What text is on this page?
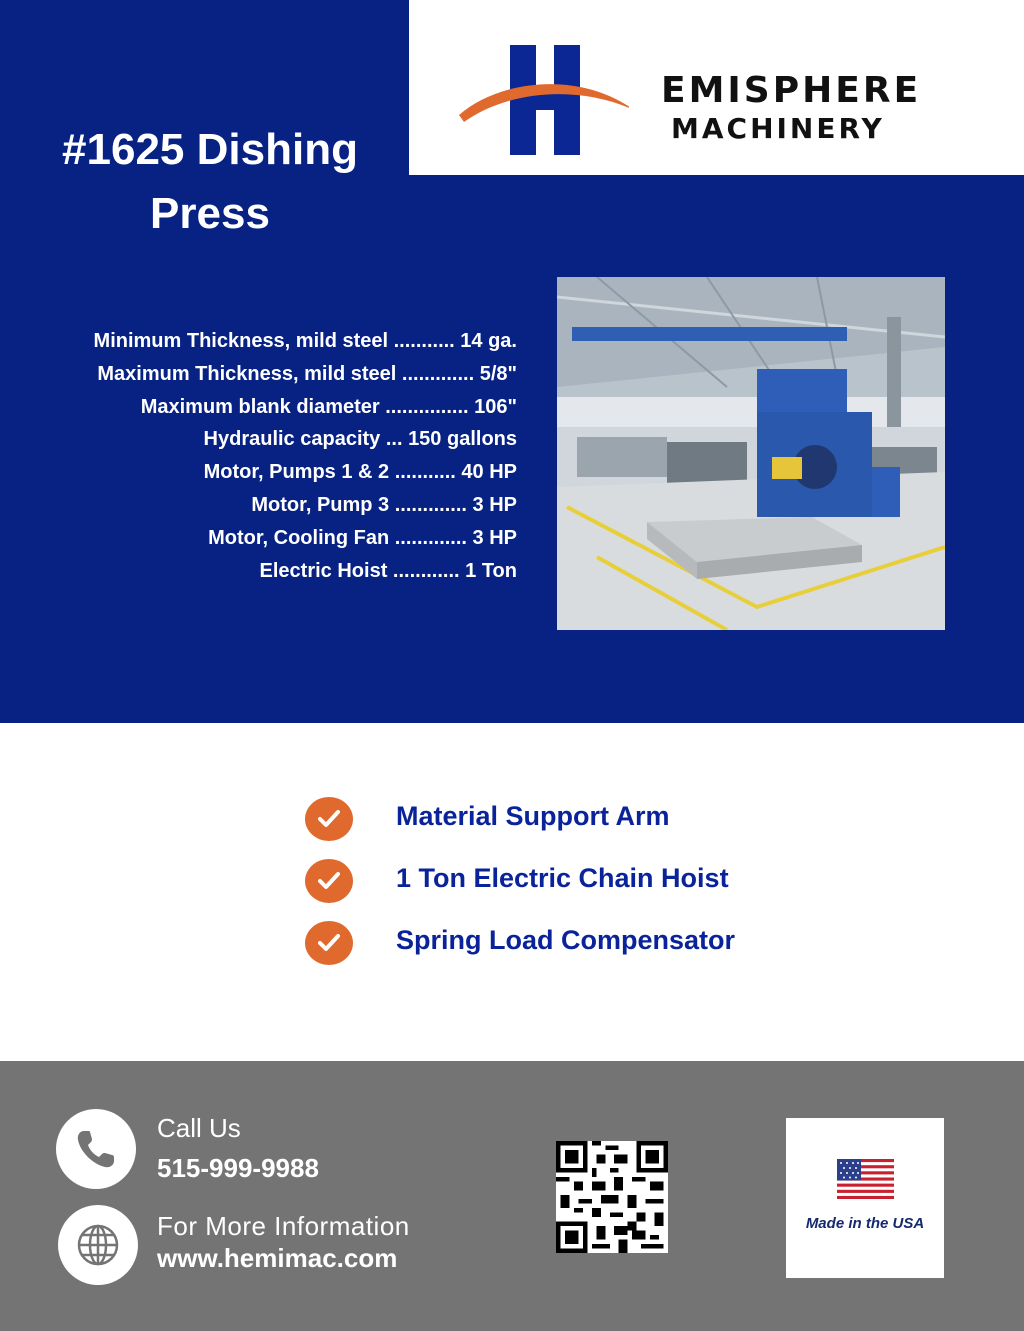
EMISPHERE
MACHINERY
#1625 Dishing Press
Minimum Thickness, mild steel ........... 14 ga.
Maximum Thickness, mild steel ............. 5/8"
Maximum blank diameter ............... 106"
Hydraulic capacity ... 150 gallons
Motor, Pumps 1 & 2 ........... 40 HP
Motor, Pump 3 ............. 3 HP
Motor, Cooling Fan ............. 3 HP
Electric Hoist ............ 1 Ton
Material Support Arm
1 Ton Electric Chain Hoist
Spring Load Compensator
Call Us
515-999-9988
For More Information
www.hemimac.com
Made in the USA
